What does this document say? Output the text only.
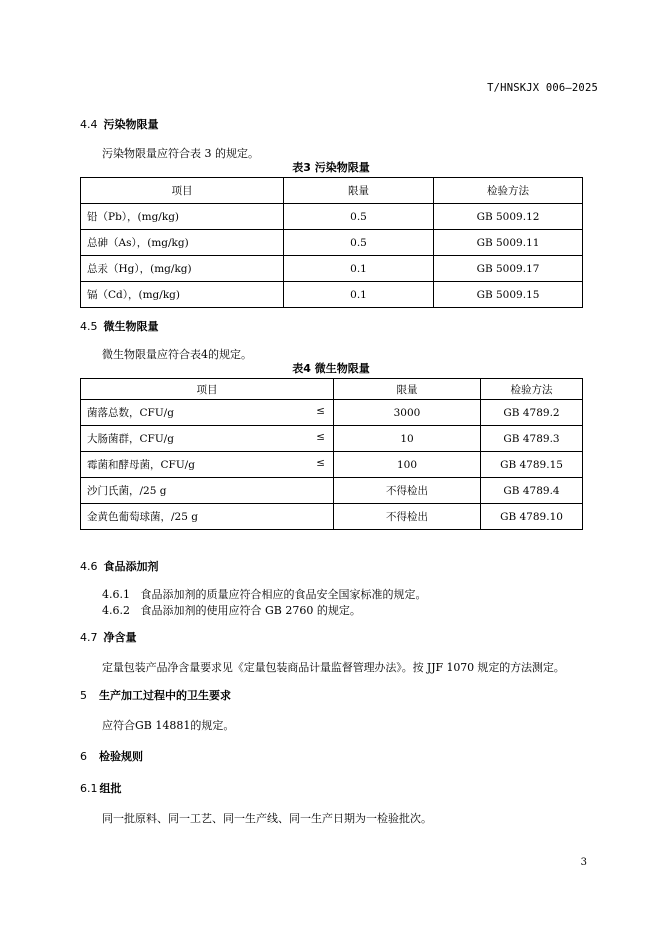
T/HNSKJX 006—2025
4.4 污染物限量
污染物限量应符合表 3 的规定。
表3 污染物限量
项目	限量	检验方法
铅（Pb），(mg/kg)	0.5	GB 5009.12
总砷（As），(mg/kg)	0.5	GB 5009.11
总汞（Hg），(mg/kg)	0.1	GB 5009.17
镉（Cd），(mg/kg)	0.1	GB 5009.15
4.5 微生物限量
微生物限量应符合表4的规定。
表4 微生物限量
项目	限量	检验方法
菌落总数，CFU/g ≤	3000	GB 4789.2
大肠菌群，CFU/g ≤	10	GB 4789.3
霉菌和酵母菌，CFU/g ≤	100	GB 4789.15
沙门氏菌，/25 g	不得检出	GB 4789.4
金黄色葡萄球菌，/25 g	不得检出	GB 4789.10
4.6 食品添加剂
4.6.1 食品添加剂的质量应符合相应的食品安全国家标准的规定。
4.6.2 食品添加剂的使用应符合 GB 2760 的规定。
4.7 净含量
定量包装产品净含量要求见《定量包装商品计量监督管理办法》。按 JJF 1070 规定的方法测定。
5 生产加工过程中的卫生要求
应符合GB 14881的规定。
6 检验规则
6.1 组批
同一批原料、同一工艺、同一生产线、同一生产日期为一检验批次。
3
